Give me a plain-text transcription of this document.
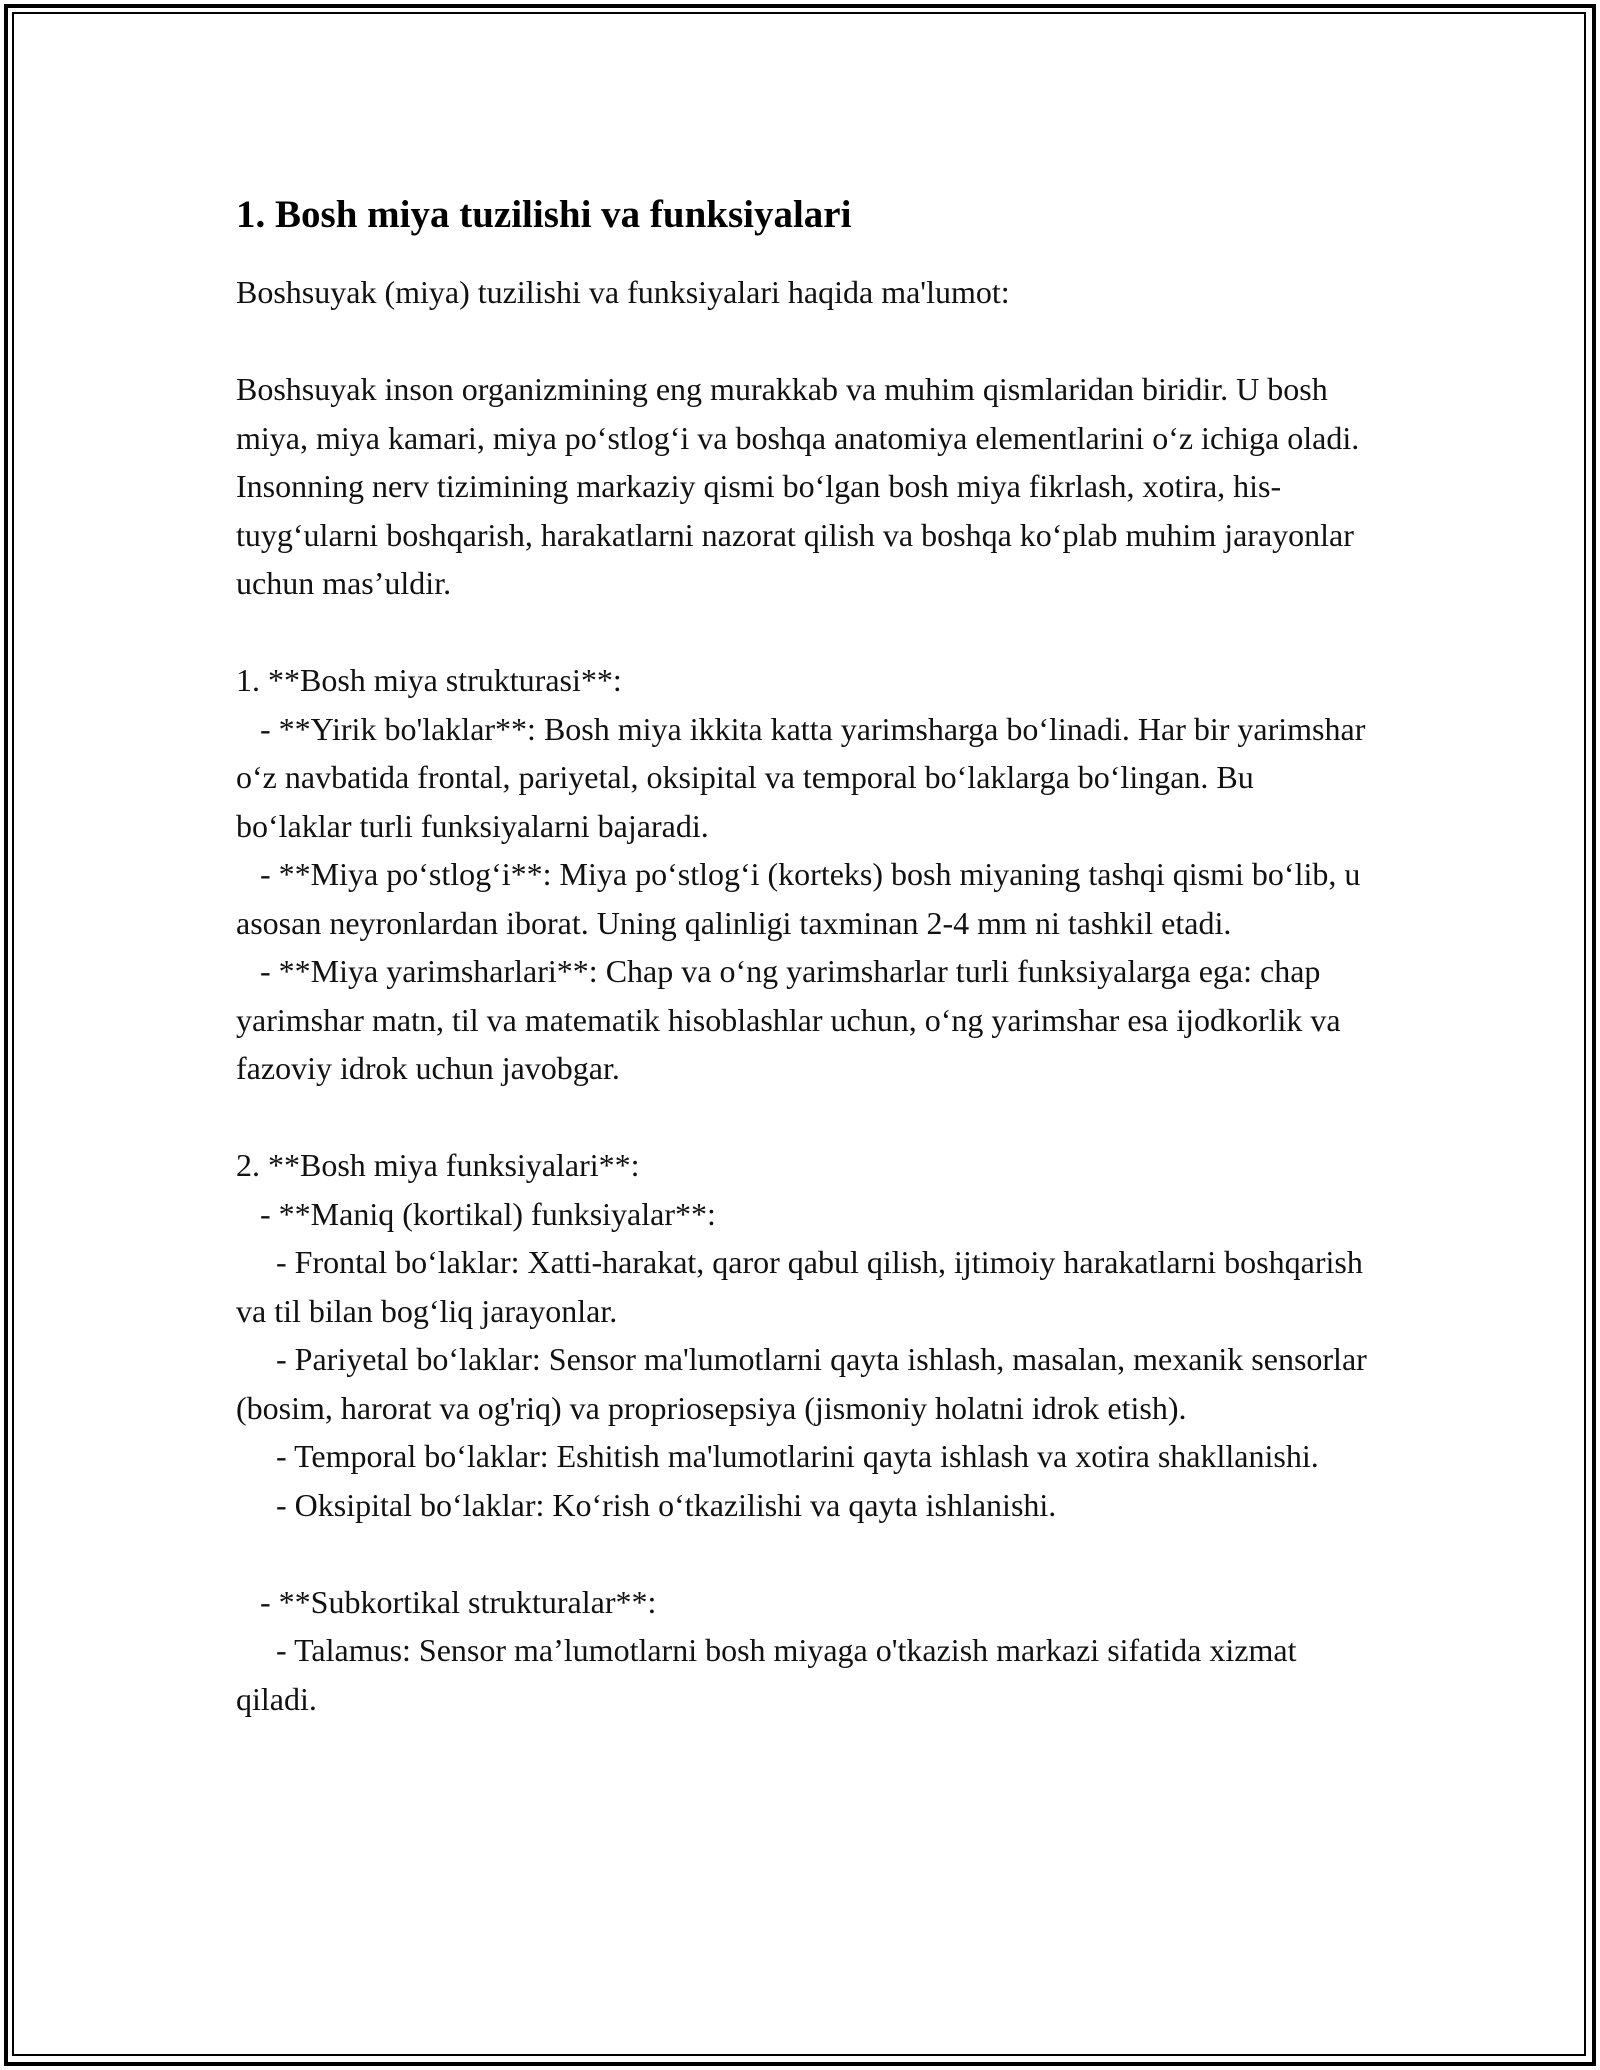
1. Bosh miya tuzilishi va funksiyalari

Boshsuyak (miya) tuzilishi va funksiyalari haqida ma'lumot:

Boshsuyak inson organizmining eng murakkab va muhim qismlaridan biridir. U bosh miya, miya kamari, miya po‘stlog‘i va boshqa anatomiya elementlarini o‘z ichiga oladi. Insonning nerv tizimining markaziy qismi bo‘lgan bosh miya fikrlash, xotira, his-tuyg‘ularni boshqarish, harakatlarni nazorat qilish va boshqa ko‘plab muhim jarayonlar uchun mas’uldir.

1. **Bosh miya strukturasi**:

- **Yirik bo'laklar**: Bosh miya ikkita katta yarimsharga bo‘linadi. Har bir yarimshar o‘z navbatida frontal, pariyetal, oksipital va temporal bo‘laklarga bo‘lingan. Bu bo‘laklar turli funksiyalarni bajaradi.

- **Miya po‘stlog‘i**: Miya po‘stlog‘i (korteks) bosh miyaning tashqi qismi bo‘lib, u asosan neyronlardan iborat. Uning qalinligi taxminan 2-4 mm ni tashkil etadi.

- **Miya yarimsharlari**: Chap va o‘ng yarimsharlar turli funksiyalarga ega: chap yarimshar matn, til va matematik hisoblashlar uchun, o‘ng yarimshar esa ijodkorlik va fazoviy idrok uchun javobgar.

2. **Bosh miya funksiyalari**:

- **Maniq (kortikal) funksiyalar**:

- Frontal bo‘laklar: Xatti-harakat, qaror qabul qilish, ijtimoiy harakatlarni boshqarish va til bilan bog‘liq jarayonlar.

- Pariyetal bo‘laklar: Sensor ma'lumotlarni qayta ishlash, masalan, mexanik sensorlar (bosim, harorat va og'riq) va propriosepsiya (jismoniy holatni idrok etish).

- Temporal bo‘laklar: Eshitish ma'lumotlarini qayta ishlash va xotira shakllanishi.

- Oksipital bo‘laklar: Ko‘rish o‘tkazilishi va qayta ishlanishi.

- **Subkortikal strukturalar**:

- Talamus: Sensor ma’lumotlarni bosh miyaga o'tkazish markazi sifatida xizmat qiladi.
